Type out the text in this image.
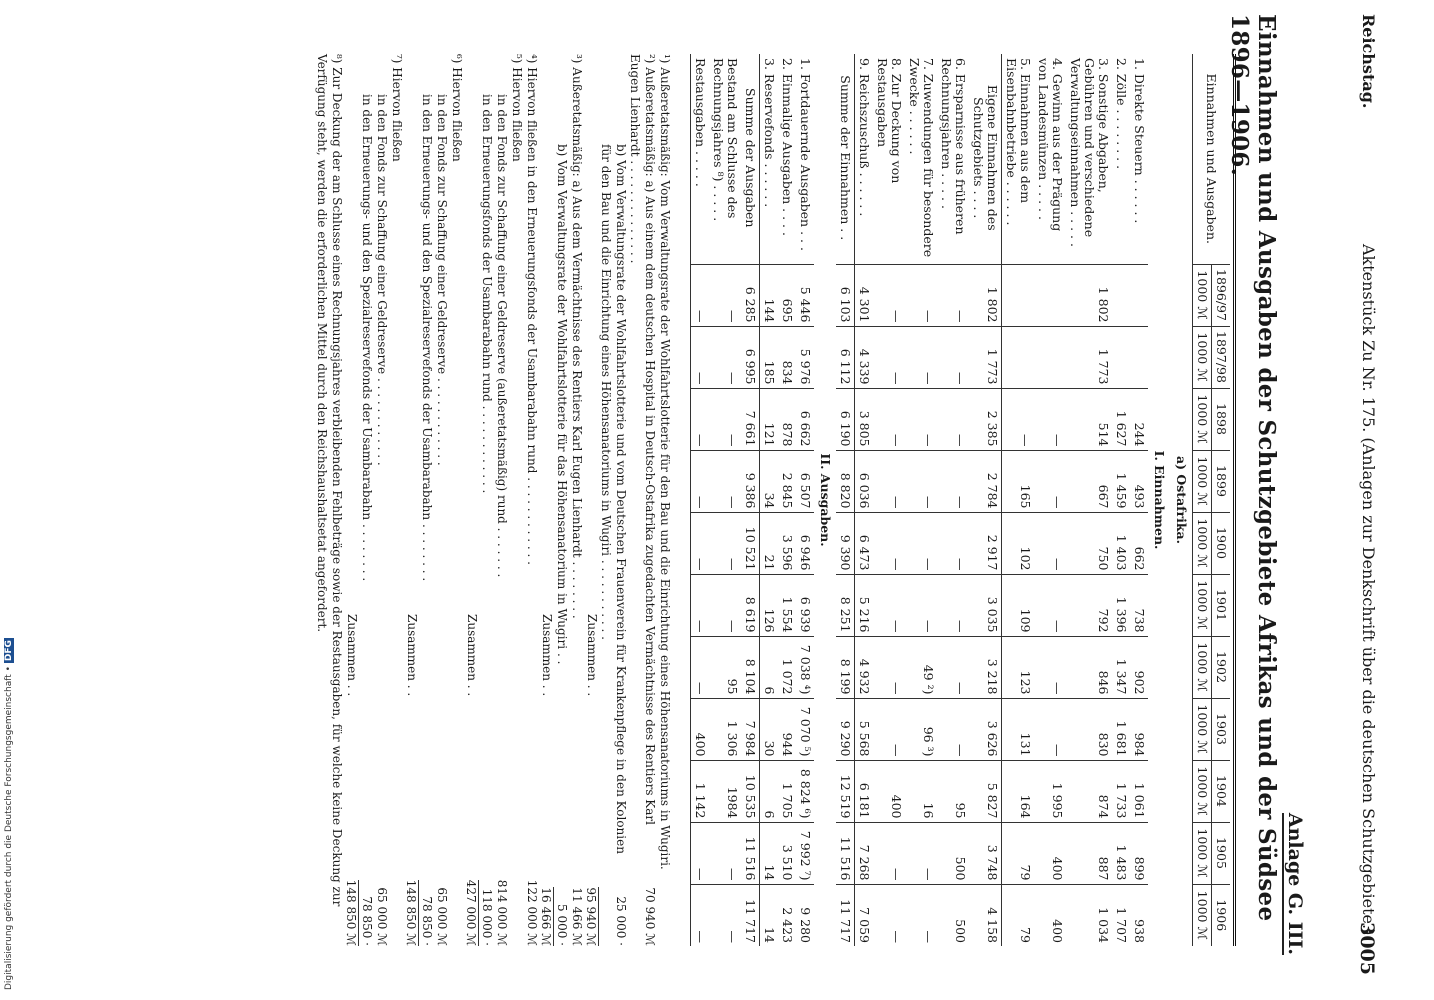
Reichstag.
Aktenstück Zu Nr. 175. (Anlagen zur Denkschrift über die deutschen Schutzgebiete.)
3005
Anlage G. III.
Einnahmen und Ausgaben der Schutzgebiete Afrikas und der Südsee 1896—1906.
Einnahmen und Ausgaben.	1896/97	1897/98	1898	1899	1900	1901	1902	1903	1904	1905	1906
	1000 ℳ	1000 ℳ	1000 ℳ	1000 ℳ	1000 ℳ	1000 ℳ	1000 ℳ	1000 ℳ	1000 ℳ	1000 ℳ	1000 ℳ
a) Ostafrika.											
I. Einnahmen.											
1. Direkte Steuern . . . . . .			244	493	662	738	902	984	1 061	899	938
2. Zölle . . . . . . . .			1 627	1 459	1 403	1 396	1 347	1 681	1 733	1 483	1 707
3. Sonstige Abgaben, Gebühren und verschiedene Verwaltungseinnahmen . . . . .	1 802	1 773	514	667	750	792	846	830	874	887	1 034
4. Gewinn aus der Prägung von Landesmünzen . . . . .			—	—	—	—	—	—	1 995	400	400
5. Einnahmen aus dem Eisenbahnbetriebe . . . . . .			—	165	102	109	123	131	164	79	79
Eigene Einnahmen des Schutzgebiets . . . .	1 802	1 773	2 385	2 784	2 917	3 035	3 218	3 626	5 827	3 748	4 158
6. Ersparnisse aus früheren Rechnungsjahren . . . . .	—	—	—	—	—	—	—	—	95	500	500
7. Zuwendungen für besondere Zwecke . . . . . .	—	—	—	—	—	—	49 ²)	96 ³)	16	—	—
8. Zur Deckung von Restausgaben	—	—	—	—	—	—	—	—	400	—	—
9. Reichszuschuß . . . . . .	4 301	4 339	3 805	6 036	6 473	5 216	4 932	5 568	6 181	7 268	7 059
Summe der Einnahmen . .	6 103	6 112	6 190	8 820	9 390	8 251	8 199	9 290	12 519	11 516	11 717
II. Ausgaben.											
1. Fortdauernde Ausgaben . . .	5 446	5 976	6 662	6 507	6 946	6 939	7 038 ⁴)	7 070 ⁵)	8 824 ⁶)	7 992 ⁷)	9 280
2. Einmalige Ausgaben . . . .	695	834	878	2 845	3 596	1 554	1 072	944	1 705	3 510	2 423
3. Reservefonds . . . . . .	144	185	121	34	21	126	6	30	6	14	14
Summe der Ausgaben	6 285	6 995	7 661	9 386	10 521	8 619	8 104	7 984	10 535	11 516	11 717
Bestand am Schlusse des Rechnungsjahres ⁸) . . . . .	—	—	—	—	—	—	95	1 306	1984	—	—
Restausgaben . . . . .	—	—	—	—	—	—	—	400	1 142	—	—
¹) Außeretatsmäßig: Vom Verwaltungsrate der Wohlfahrtslotterie für den Bau und die Einrichtung eines Höhensanatoriums in Wugiri.
²) Außeretatsmäßig: a) Aus einem dem deutschen Hospital in Deutsch-Ostafrika zugedachten Vermächtnisse des Rentiers Karl Eugen Lienhardt . . . . . . . . . . . . . .
70 940 ℳ
b) Vom Verwaltungsrate der Wohlfahrtslotterie und vom Deutschen Frauenverein für Krankenpflege in den Kolonien für den Bau und die Einrichtung eines Höhensanatoriums in Wugiri . . . . . . . . . . .
25 000 ·
Zusammen . .
95 940 ℳ
³) Außeretatsmäßig: a) Aus dem Vermächtnisse des Rentiers Karl Eugen Lienhardt . . . . . . . .
11 466 ℳ
b) Vom Verwaltungsrate der Wohlfahrtslotterie für das Höhensanatorium in Wugiri . .
5 000 ·
Zusammen . .
16 466 ℳ
⁴) Hiervon fließen in den Erneuerungsfonds der Usambarabahn rund . . . . . . . . . . . .
122 000 ℳ
⁵) Hiervon fließen
in den Fonds zur Schaffung einer Geldreserve (außeretatsmäßig) rund . . . . . . .
814 000 ℳ
in den Erneuerungsfonds der Usambarabahn rund . . . . . . . . . . . .
118 000 ·
Zusammen . .
427 000 ℳ
⁶) Hiervon fließen
in den Fonds zur Schaffung einer Geldreserve . . . . . . . . . . . .
65 000 ℳ
in den Erneuerungs- und den Spezialreservefonds der Usambarabahn . . . . . . . .
78 850 ·
Zusammen . .
148 850 ℳ
⁷) Hiervon fließen
in den Fonds zur Schaffung einer Geldreserve . . . . . . . . . . . .
65 000 ℳ
in den Erneuerungs- und den Spezialreservefonds der Usambarabahn . . . . . . . .
78 850 ·
Zusammen . .
148 850 ℳ
⁸) Zur Deckung der am Schlusse eines Rechnungsjahres verbleibenden Fehlbeträge sowie der Restausgaben, für welche keine Deckung zur Verfügung steht, werden die erforderlichen Mittel durch den Reichshaushaltsetat angefordert.
Digitalisierung gefördert durch die Deutsche Forschungsgemeinschaft •DFG
